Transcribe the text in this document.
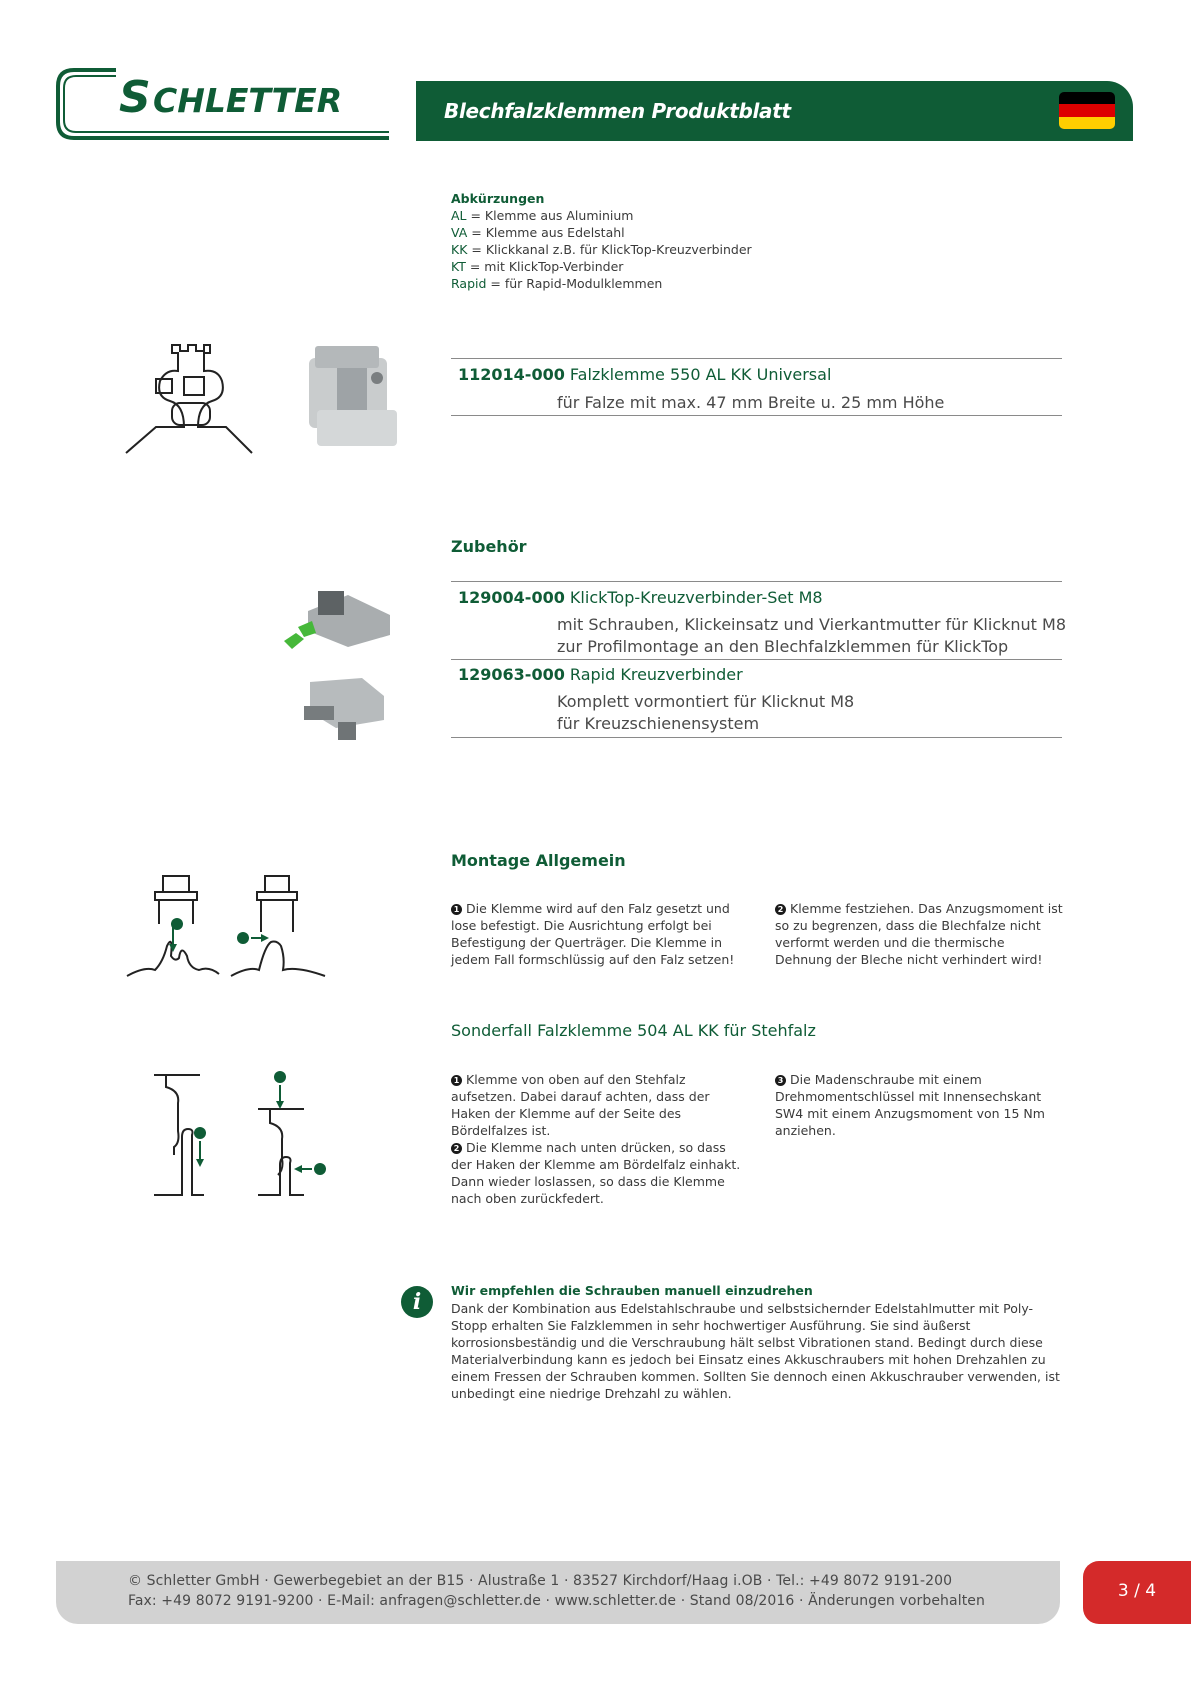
S CHLETTER	Blechfalzklemmen Produktblatt
Abkürzungen
AL = Klemme aus Aluminium
VA = Klemme aus Edelstahl
KK = Klickkanal z.B. für KlickTop-Kreuzverbinder
KT = mit KlickTop-Verbinder
Rapid = für Rapid-Modulklemmen
112014-000 Falzklemme 550 AL KK Universal
für Falze mit max. 47 mm Breite u. 25 mm Höhe
Zubehör
129004-000 KlickTop-Kreuzverbinder-Set M8
mit Schrauben, Klickeinsatz und Vierkantmutter für Klicknut M8
zur Profilmontage an den Blechfalzklemmen für KlickTop
129063-000 Rapid Kreuzverbinder
Komplett vormontiert für Klicknut M8
für Kreuzschienensystem
Montage Allgemein
1 Die Klemme wird auf den Falz gesetzt und lose befestigt. Die Ausrichtung erfolgt bei Befestigung der Querträger. Die Klemme in jedem Fall formschlüssig auf den Falz setzen!
2 Klemme festziehen. Das Anzugsmoment ist so zu begrenzen, dass die Blechfalze nicht verformt werden und die thermische Dehnung der Bleche nicht verhindert wird!
Sonderfall Falzklemme 504 AL KK für Stehfalz
1 Klemme von oben auf den Stehfalz aufsetzen. Dabei darauf achten, dass der Haken der Klemme auf der Seite des Bördelfalzes ist.
2 Die Klemme nach unten drücken, so dass der Haken der Klemme am Bördelfalz einhakt. Dann wieder loslassen, so dass die Klemme nach oben zurückfedert.
3 Die Madenschraube mit einem Drehmomentschlüssel mit Innensechskant SW4 mit einem Anzugsmoment von 15 Nm anziehen.
i	Wir empfehlen die Schrauben manuell einzudrehen
Dank der Kombination aus Edelstahlschraube und selbstsichernder Edelstahlmutter mit Poly-Stopp erhalten Sie Falzklemmen in sehr hochwertiger Ausführung. Sie sind äußerst korrosionsbeständig und die Verschraubung hält selbst Vibrationen stand. Bedingt durch diese Materialverbindung kann es jedoch bei Einsatz eines Akkuschraubers mit hohen Drehzahlen zu einem Fressen der Schrauben kommen. Sollten Sie dennoch einen Akkuschrauber verwenden, ist unbedingt eine niedrige Drehzahl zu wählen.
© Schletter GmbH · Gewerbegebiet an der B15 · Alustraße 1 · 83527 Kirchdorf/Haag i.OB · Tel.: +49 8072 9191-200
Fax: +49 8072 9191-9200 · E-Mail: anfragen@schletter.de · www.schletter.de · Stand 08/2016 · Änderungen vorbehalten	3 / 4
